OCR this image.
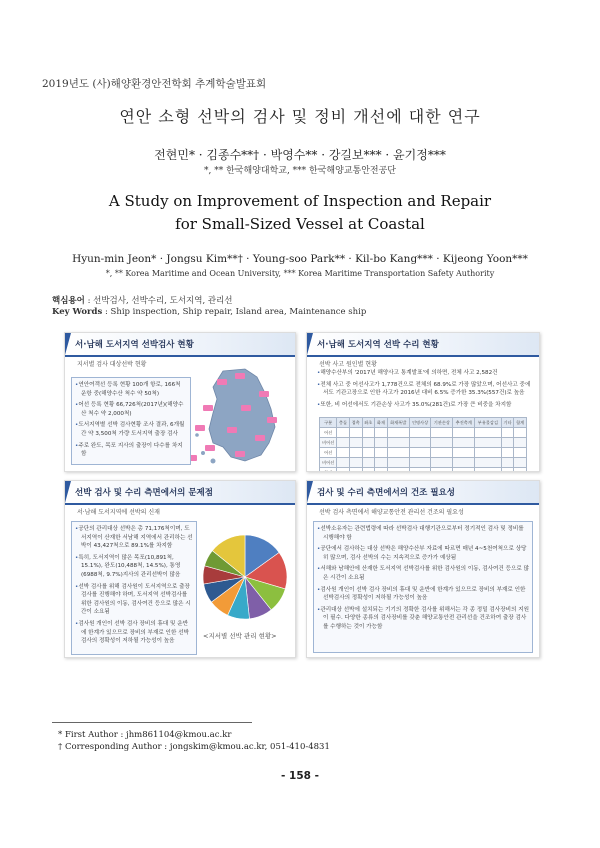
2019년도 (사)해양환경안전학회 추계학술발표회
연안 소형 선박의 검사 및 정비 개선에 대한 연구
전현민* · 김종수**† · 박영수** · 강길보*** · 윤기정***
*, ** 한국해양대학교, *** 한국해양교통안전공단
A Study on Improvement of Inspection and Repair
for Small-Sized Vessel at Coastal
Hyun-min Jeon* · Jongsu Kim**† · Young-soo Park** · Kil-bo Kang*** · Kijeong Yoon***
*, ** Korea Maritime and Ocean University, *** Korea Maritime Transportation Safety Authority
핵심용어 : 선박검사, 선박수리, 도서지역, 관리선
Key Words : Ship inspection, Ship repair, Island area, Maintenance ship
서·남해 도서지역 선박검사 현황
지서별 검사 대상선박 현황
• 연안여객선 등록 현황 100개 항로, 166척 운항 중(해양수산 척수 약 50척)
• 어선 등록 현황 66,726척(2017년)(해양수산 척수 약 2,000척)
• 도서지역별 선박 검사현황 조사 결과, 6개월간 약 3,500척 가량 도서지역 출장 검사
• 주로 완도, 목포 지사의 출장이 다수를 차지함
서·남해 도서지역 선박 수리 현황
선박 사고 원인별 현황
• 해양수산부의 '2017년 해양사고 통계발표'에 의하면, 전체 사고 2,582건
• 전체 사고 중 어선사고가 1,778건으로 전체의 68.9%로 가장 많았으며, 어선사고 중에서도 기관고장으로 인한 사고가 2016년 대비 6.5% 증가한 35.3%(557건)로 높음
• 또한, 비 어선에서도 기관손상 사고가 35.0%(281건)로 가장 큰 비중을 차지함
구분	충돌	접촉	좌초	화재	화재폭발	인명사상	기관손상	추진축계	부유물감김	기타	합계
어선											
비어선											
어선											
비어선											
합계											

선박 검사 및 수리 측면에서의 문제점
서·남해 도서지역에 선박의 신재
• 공단의 관리대상 선박은 총 71,176척이며, 도서지역이 산재한 서남해 지역에서 관리하는 선박이 43,427척으로 89.1%를 차지함
• 특히, 도서지역이 많은 목포(10,891척, 15.1%), 완도(10,488척, 14.5%), 통영(6988척, 9.7%)지사의 관리선박이 많음
• 선박 검사를 위해 검사원이 도서지역으로 출장검사를 진행해야 하며, 도서지역 선박검사를 위한 검사원의 이동, 검사여건 등으로 많은 시간이 소요됨
• 검사원 개인이 선박 검사 장비의 휴대 및 운반에 한계가 있으므로 장비의 부재로 인한 선박검사의 정확성이 저하될 가능성이 높음
<지서별 선박 관리 현황>
검사 및 수리 측면에서의 건조 필요성
선박 검사 측면에서 해양교통안전 관리선 건조의 필요성
• 선박소유자는 관련법령에 따라 선박검사 대행기관으로부터 정기적인 검사 및 정비를 시행해야 함
• 공단에서 검사하는 대상 선박은 해양수산부 자료에 따르면 매년 4~5천여척으로 상당히 많으며, 검사 선박의 수는 지속적으로 증가가 예상됨
• 서해와 남해안에 산재한 도서지역 선박검사를 위한 검사원의 이동, 검사여건 등으로 많은 시간이 소요됨
• 검사원 개인이 선박 검사 장비의 휴대 및 운반에 한계가 있으므로 장비의 부재로 인한 선박검사의 정확성이 저하될 가능성이 높음
• 관리대상 선박에 설치되는 기기의 정확한 검사를 위해서는 각 종 정밀 검사장비의 지원이 필수. 다양한 종류의 검사장비를 갖춘 해양교통안전 관리선을 건조하여 출장 검사를 수행하는 것이 가능함
* First Author : jhm861104@kmou.ac.kr
† Corresponding Author : jongskim@kmou.ac.kr, 051-410-4831
- 158 -
